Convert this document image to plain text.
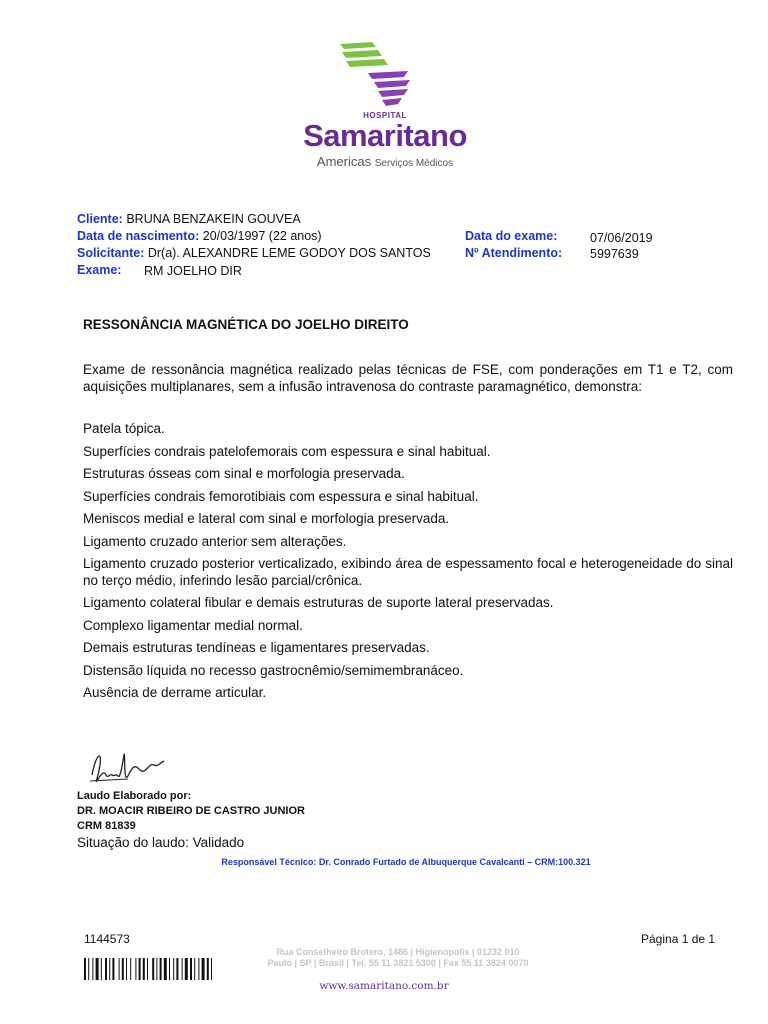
HOSPITAL
Samaritano
Americas Serviços Médicos
Cliente: BRUNA BENZAKEIN GOUVEA
Data de nascimento: 20/03/1997 (22 anos)
Solicitante: Dr(a). ALEXANDRE LEME GODOY DOS SANTOS
Exame: RM JOELHO DIR
Data do exame:	07/06/2019
Nº Atendimento: 5997639
RESSONÂNCIA MAGNÉTICA DO JOELHO DIREITO
Exame de ressonância magnética realizado pelas técnicas de FSE, com ponderações em T1 e T2, com aquisições multiplanares, sem a infusão intravenosa do contraste paramagnético, demonstra:
Patela tópica.
Superfícies condrais patelofemorais com espessura e sinal habitual.
Estruturas ósseas com sinal e morfologia preservada.
Superfícies condrais femorotibiais com espessura e sinal habitual.
Meniscos medial e lateral com sinal e morfologia preservada.
Ligamento cruzado anterior sem alterações.
Ligamento cruzado posterior verticalizado, exibindo área de espessamento focal e heterogeneidade do sinal no terço médio, inferindo lesão parcial/crônica.
Ligamento colateral fibular e demais estruturas de suporte lateral preservadas.
Complexo ligamentar medial normal.
Demais estruturas tendíneas e ligamentares preservadas.
Distensão líquida no recesso gastrocnêmio/semimembranáceo.
Ausência de derrame articular.
Laudo Elaborado por:
DR. MOACIR RIBEIRO DE CASTRO JUNIOR
CRM 81839
Situação do laudo: Validado
Responsável Técnico: Dr. Conrado Furtado de Albuquerque Cavalcanti – CRM:100.321
1144573	Página 1 de 1
Rua Conselheiro Brotero, 1486 | Higienópolis | 01232 010
Paulo | SP | Brasil | Tel. 55 11 3821 5300 | Fax 55 11 3824 0070
www.samaritano.com.br
